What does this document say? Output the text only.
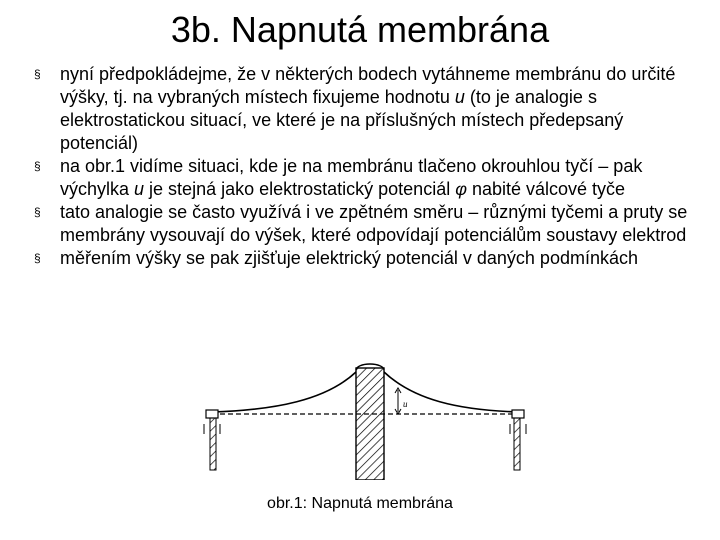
3b. Napnutá membrána
§	nyní předpokládejme, že v některých bodech vytáhneme membránu do určité výšky, tj. na vybraných místech fixujeme hodnotu u (to je analogie s elektrostatickou situací, ve které je na příslušných místech předepsaný potenciál)
§	na obr.1 vidíme situaci, kde je na membránu tlačeno okrouhlou tyčí – pak výchylka u je stejná jako elektrostatický potenciál φ nabité válcové tyče
§	tato analogie se často využívá i ve zpětném směru – různými tyčemi a pruty se membrány vysouvají do výšek, které odpovídají potenciálům soustavy elektrod
§	měřením výšky se pak zjišťuje elektrický potenciál v daných podmínkách
u
obr.1: Napnutá membrána
